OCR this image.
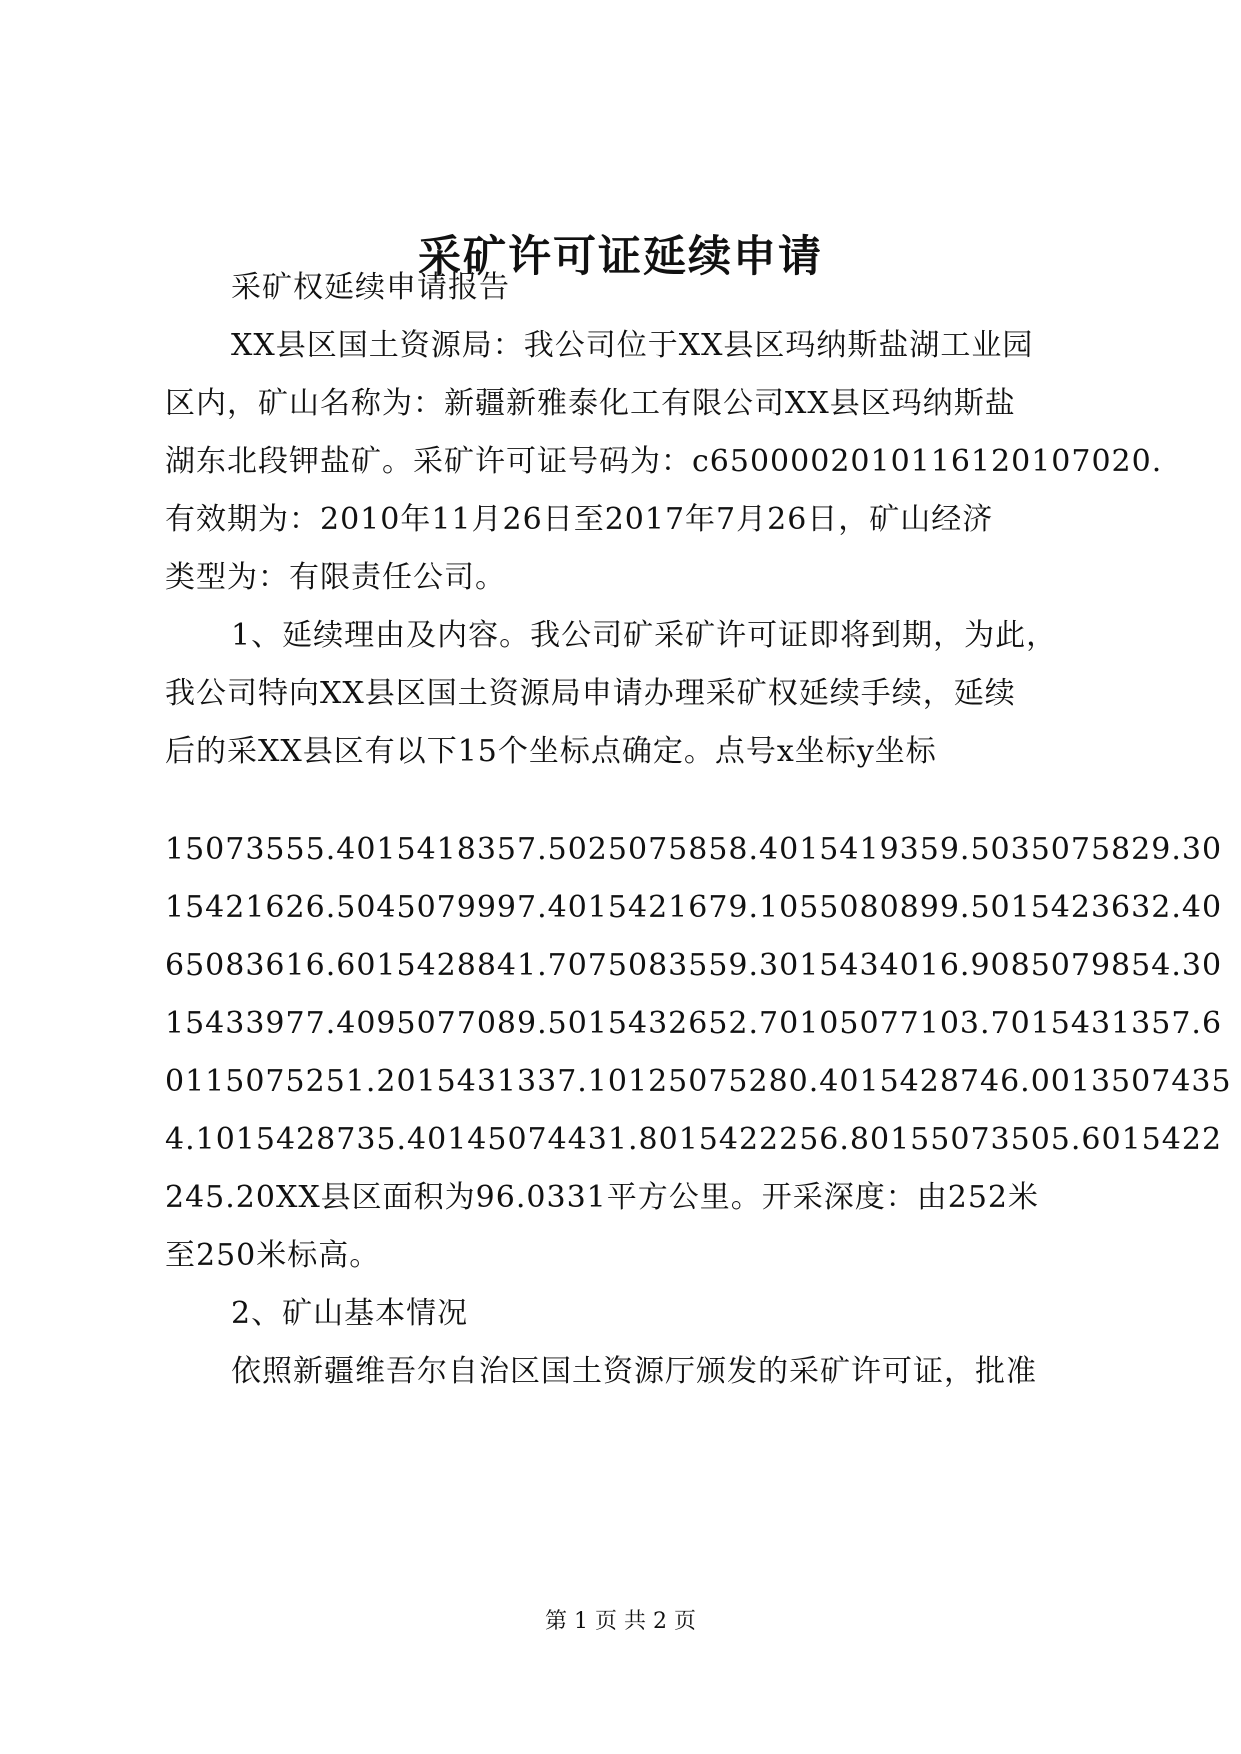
采矿许可证延续申请
采矿权延续申请报告
XX县区国土资源局：我公司位于XX县区玛纳斯盐湖工业园
区内，矿山名称为：新疆新雅泰化工有限公司XX县区玛纳斯盐
湖东北段钾盐矿。采矿许可证号码为：c6500002010116120107020.
有效期为：2010年11月26日至2017年7月26日，矿山经济
类型为：有限责任公司。
1、延续理由及内容。我公司矿采矿许可证即将到期，为此，
我公司特向XX县区国土资源局申请办理采矿权延续手续，延续
后的采XX县区有以下15个坐标点确定。点号x坐标y坐标
15073555.4015418357.5025075858.4015419359.5035075829.30
15421626.5045079997.4015421679.1055080899.5015423632.40
65083616.6015428841.7075083559.3015434016.9085079854.30
15433977.4095077089.5015432652.70105077103.7015431357.6
0115075251.2015431337.10125075280.4015428746.0013507435
4.1015428735.40145074431.8015422256.80155073505.6015422
245.20XX县区面积为96.0331平方公里。开采深度：由252米
至250米标高。
2、矿山基本情况
依照新疆维吾尔自治区国土资源厅颁发的采矿许可证，批准
第 1 页 共 2 页
